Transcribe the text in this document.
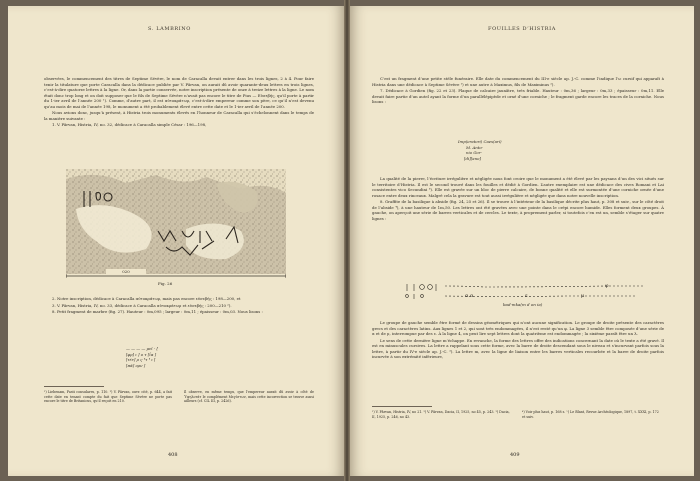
S. LAMBRINO

observées, le commencement des titres de Septime Sévère, le nom de Caracalla devait entrer dans les trois lignes, 2 à 4. Pour faire tenir la titulature que porte Caracalla dans la dédicace publiée par V. Pârvan, on aurait dû avoir quarante-deux lettres en trois lignes, c’est-à-dire quatorze lettres à la ligne. Or, dans la partie conservée, notre inscription présente de onze à treize lettres à la ligne. Le nom était donc trop long et on doit supposer que le fils de Septime Sévère n’avait pas encore le titre de Pius — Εὐσεβής, qu’il porte à partir du 1-ier avril de l’année 200 ¹). Comme, d’autre part, il est αὐτοκράτωρ, c’est-à-dire empereur comme son père, ce qu’il n’est devenu qu’au mois de mai de l’année 198, le monument a été probablement élevé entre cette date et le 1-ier avril de l’année 200.

Nous avions donc, jusqu’à présent, à Histria trois monuments élevés en l’honneur de Caracalla qui s’échelonnent dans le temps de la manière suivante :

1. V. Pârvan, Histria, IV, no. 32, dédicace à Caracalla simple César : 196—198,

020
Fig. 26

2. Notre inscription, dédicace à Caracalla αὐτοκράτωρ, mais pas encore εὐσεβής : 198—200, et

3. V. Pârvan, Histria, IV, no. 33, dédicace à Caracalla αὐτοκράτωρ et εὐσεβής : 200—210 ²).

8. Petit fragment de marbre (fig. 27). Hauteur : 0m,095 ; largeur : 0m,11 ; épaisseur : 0m,03. Nous lisons :

— — — — μεῖ - [
[φρ] ι ] ο τ [ΐα ]
[τέτ] ρ ς ⸢τ ⸣ ι [
[πᾶ] ορν ]
¹) Liebenam, Fasti consulares, p. 110. ²) V. Pârvan, ouvr. cité, p. 644, a fait cette date en tenant compte du fait que Septime Sévère ne porte pas encore le titre de Britanicus, qu’il reçoit en 210.
Il observe, en même temps, que l’empereur aurait dû avoir à côté de Ὑψηλοτάτ le complément Μεγίστων, mais cette incorrection se trouve aussi ailleurs (cf. CIL III, p. 2426).
408
FOUILLES D’HISTRIA

C’est un fragment d’une petite stèle funéraire. Elle date du commencement du III-e siècle ap. J.-C. comme l’indique l’ω cursif qui apparaît à Histria dans une dédicace à Septime Sévère ¹) et une autre à Maximus, fils de Maximinus ²).

7. Dédicace à Gordien (fig. 22 et 23). Plaque de calcaire jaunâtre, très friable. Hauteur : 0m,36 ; largeur : 0m,33 ; épaisseur : 0m,11. Elle devait faire partie d’un autel ayant la forme d’un parallélépipède et orné d’une corniche ; le fragment garde encore les traces de la corniche. Nous lisons :

Imp(eratori) Caes(ari)
M. Anto-
nio Gor-
[di][ano]

La qualité de la pierre, l’écriture irrégulière et négligée nous font croire que le monument a été élevé par les paysans d’un des vici situés sur le territoire d’Histria. Il est le second trouvé dans les fouilles et dédié à Gordien. L’autre exemplaire est une dédicace des cives Romani et Lai consistentes vico Secundini ³). Elle est gravée sur un bloc de pierre calcaire, de bonne qualité et elle est surmontée d’une corniche ornée d’une rosace entre deux rinceaux. Malgré cela la gravure est tout aussi irrégulière et négligée que dans notre nouvelle inscription.

8. Graffite de la basilique à abside (fig. 24, 25 et 26). Il se trouve à l’intérieur de la basilique décrite plus haut, p. 308 et suiv., sur le côté droit de l’abside ⁴), à une hauteur de 1m,50. Les lettres ont été gravées avec une pointe dans le crépi encore humide. Elles forment deux groupes. À gauche, on aperçoit une série de barres verticales et de cercles. Le texte, à proprement parler, si toutefois c’en est un, semble s’étager sur quatre lignes :

φ
α α	ε	μ
bad·mka(m d on ia)

Le groupe de gauche semble être formé de dessins géométriques qui n’ont aucune signification. Le groupe de droite présente des caractères grecs et des caractères latins. Aux lignes 1 et 2, qui sont très endommagées, il n’est resté qu’un φ. La ligne 3 semble être composée d’une série de α et de μ, interrompue par des ε. À la ligne 4, on peut lire sept lettres dont la quatrième est endommagée ; la sixième paraît être un λ.

Le sens de cette dernière ligne m’échappe. En revanche, la forme des lettres offre des indications concernant la date où le texte a été gravé. Il est en minuscules cursives. La lettre a rappelant sous cette forme, avec la barre de droite descendant sous le niveau et s’incurvant parfois sous la lettre, à partir du IV-e siècle ap. J.-C. ⁵). La lettre m, avec la ligne de liaison entre les barres verticales recourbée et la barre de droite parfois incurvée à son extrémité inférieure,

¹) V. Pârvan, Histria, IV, no 21. ²) V. Pârvan, Dacia, II, 1925, no 45, p. 243. ³) Dacia, II, 1925, p. 246, no 43.
⁴) Voir plus haut, p. 168 s. ⁵) Le Blant, Revue Archéologique, 1897, t. XXXI, p. 172 et suiv.
409
